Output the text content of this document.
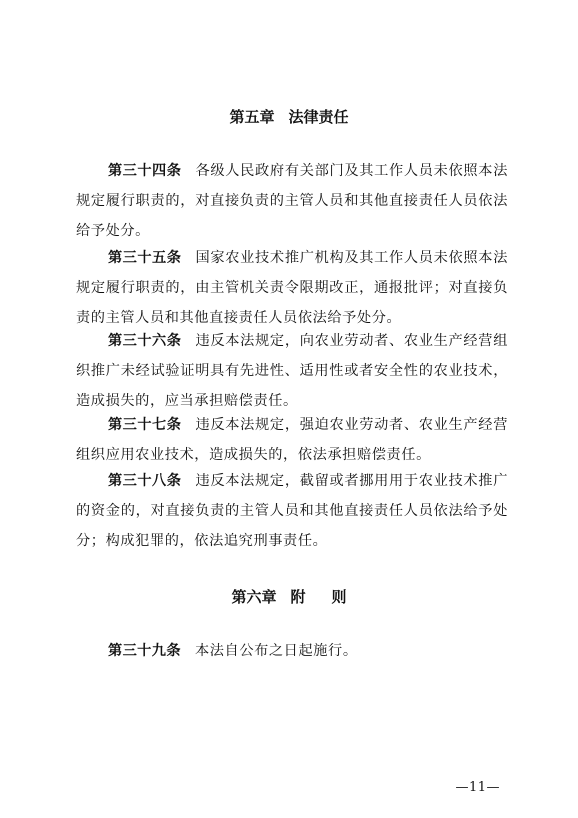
第五章 法律责任
第三十四条 各级人民政府有关部门及其工作人员未依照本法规定履行职责的，对直接负责的主管人员和其他直接责任人员依法给予处分。
第三十五条 国家农业技术推广机构及其工作人员未依照本法规定履行职责的，由主管机关责令限期改正，通报批评；对直接负责的主管人员和其他直接责任人员依法给予处分。
第三十六条 违反本法规定，向农业劳动者、农业生产经营组织推广未经试验证明具有先进性、适用性或者安全性的农业技术，造成损失的，应当承担赔偿责任。
第三十七条 违反本法规定，强迫农业劳动者、农业生产经营组织应用农业技术，造成损失的，依法承担赔偿责任。
第三十八条 违反本法规定，截留或者挪用用于农业技术推广的资金的，对直接负责的主管人员和其他直接责任人员依法给予处分；构成犯罪的，依法追究刑事责任。
第六章 附 则
第三十九条 本法自公布之日起施行。
—11—
